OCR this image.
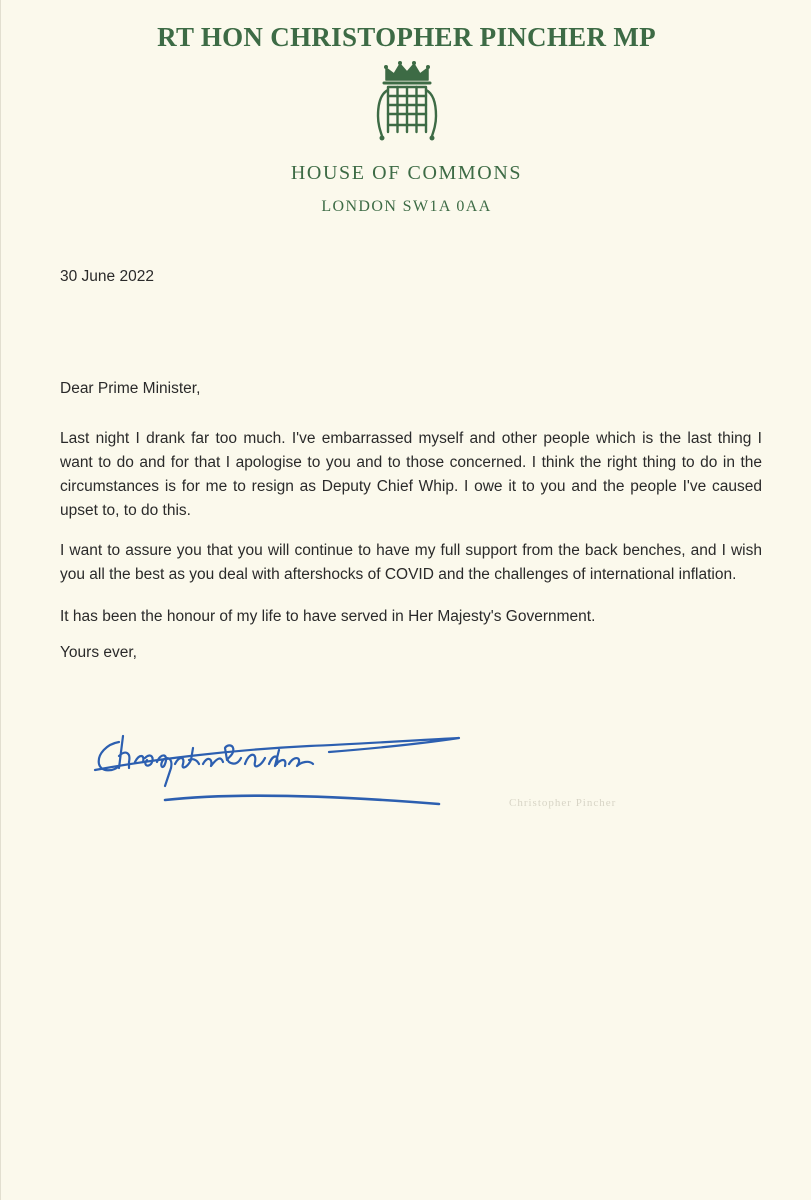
RT HON CHRISTOPHER PINCHER MP
HOUSE OF COMMONS
LONDON SW1A 0AA
30 June 2022
Dear Prime Minister,

Last night I drank far too much. I've embarrassed myself and other people which is the last thing I want to do and for that I apologise to you and to those concerned. I think the right thing to do in the circumstances is for me to resign as Deputy Chief Whip. I owe it to you and the people I've caused upset to, to do this.

I want to assure you that you will continue to have my full support from the back benches, and I wish you all the best as you deal with aftershocks of COVID and the challenges of international inflation.

It has been the honour of my life to have served in Her Majesty's Government.

Yours ever,
Christopher Pincher
